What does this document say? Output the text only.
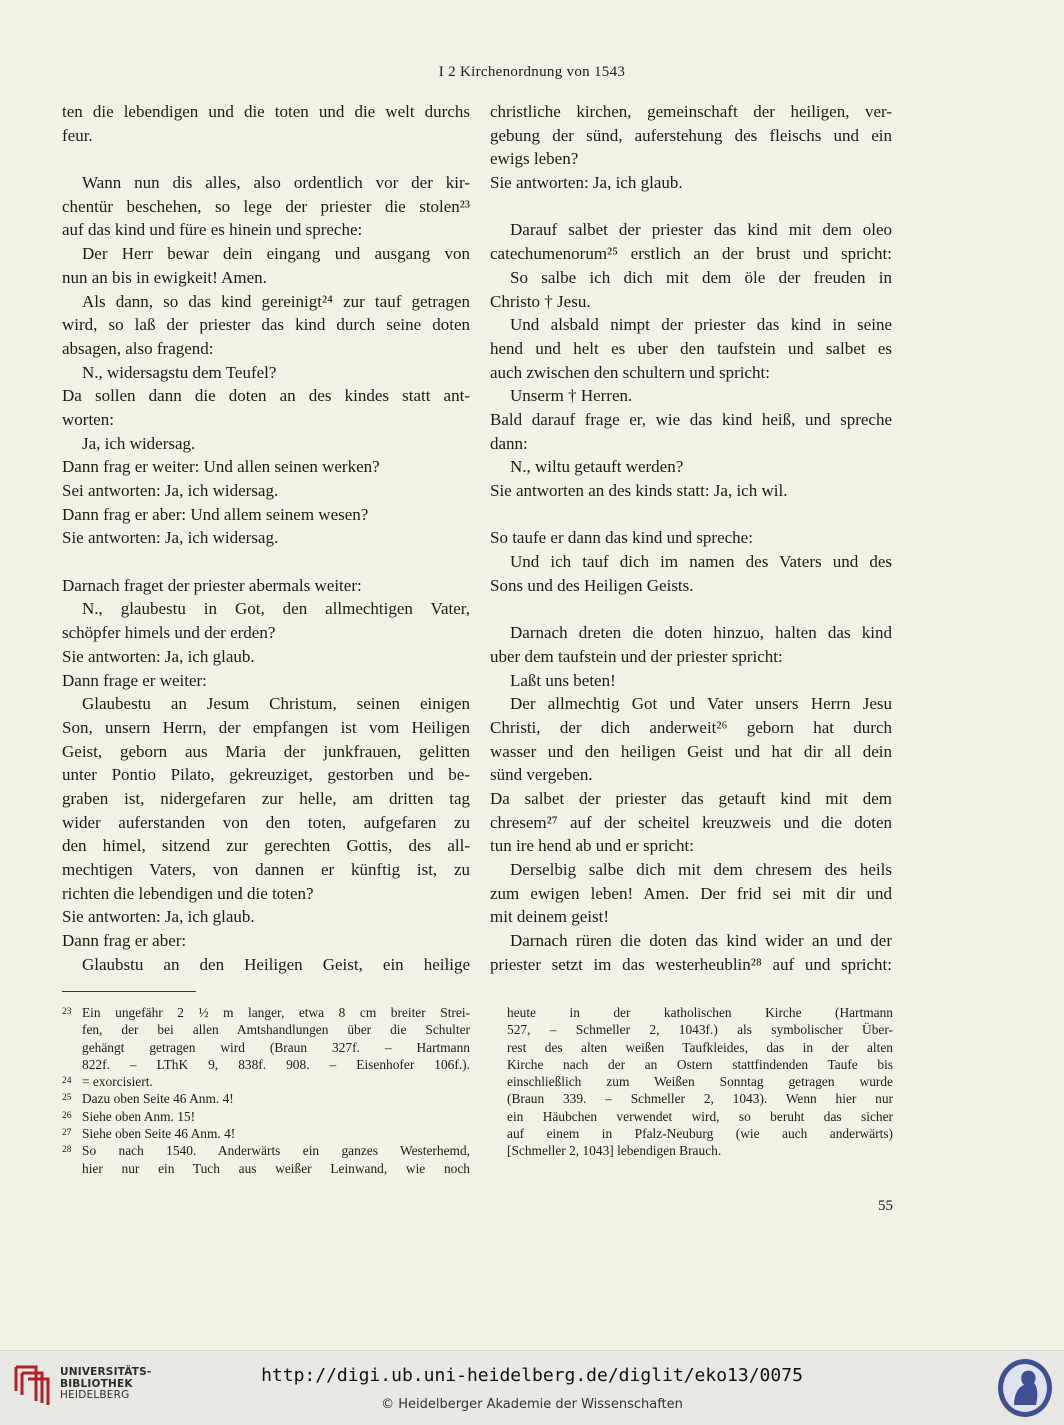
I 2 Kirchenordnung von 1543
ten die lebendigen und die toten und die welt durchs
feur.
Wann nun dis alles, also ordentlich vor der kir-
chentür beschehen, so lege der priester die stolen²³
auf das kind und füre es hinein und spreche:
Der Herr bewar dein eingang und ausgang von
nun an bis in ewigkeit! Amen.
Als dann, so das kind gereinigt²⁴ zur tauf getragen
wird, so laß der priester das kind durch seine doten
absagen, also fragend:
N., widersagstu dem Teufel?
Da sollen dann die doten an des kindes statt ant-
worten:
Ja, ich widersag.
Dann frag er weiter: Und allen seinen werken?
Sei antworten: Ja, ich widersag.
Dann frag er aber: Und allem seinem wesen?
Sie antworten: Ja, ich widersag.
Darnach fraget der priester abermals weiter:
N., glaubestu in Got, den allmechtigen Vater,
schöpfer himels und der erden?
Sie antworten: Ja, ich glaub.
Dann frage er weiter:
Glaubestu an Jesum Christum, seinen einigen
Son, unsern Herrn, der empfangen ist vom Heiligen
Geist, geborn aus Maria der junkfrauen, gelitten
unter Pontio Pilato, gekreuziget, gestorben und be-
graben ist, nidergefaren zur helle, am dritten tag
wider auferstanden von den toten, aufgefaren zu
den himel, sitzend zur gerechten Gottis, des all-
mechtigen Vaters, von dannen er künftig ist, zu
richten die lebendigen und die toten?
Sie antworten: Ja, ich glaub.
Dann frag er aber:
Glaubstu an den Heiligen Geist, ein heilige
christliche kirchen, gemeinschaft der heiligen, ver-
gebung der sünd, auferstehung des fleischs und ein
ewigs leben?
Sie antworten: Ja, ich glaub.
Darauf salbet der priester das kind mit dem oleo
catechumenorum²⁵ erstlich an der brust und spricht:
So salbe ich dich mit dem öle der freuden in
Christo † Jesu.
Und alsbald nimpt der priester das kind in seine
hend und helt es uber den taufstein und salbet es
auch zwischen den schultern und spricht:
Unserm † Herren.
Bald darauf frage er, wie das kind heiß, und spreche
dann:
N., wiltu getauft werden?
Sie antworten an des kinds statt: Ja, ich wil.
So taufe er dann das kind und spreche:
Und ich tauf dich im namen des Vaters und des
Sons und des Heiligen Geists.
Darnach dreten die doten hinzuo, halten das kind
uber dem taufstein und der priester spricht:
Laßt uns beten!
Der allmechtig Got und Vater unsers Herrn Jesu
Christi, der dich anderweit²⁶ geborn hat durch
wasser und den heiligen Geist und hat dir all dein
sünd vergeben.
Da salbet der priester das getauft kind mit dem
chresem²⁷ auf der scheitel kreuzweis und die doten
tun ire hend ab und er spricht:
Derselbig salbe dich mit dem chresem des heils
zum ewigen leben! Amen. Der frid sei mit dir und
mit deinem geist!
Darnach rüren die doten das kind wider an und der
priester setzt im das westerheublin²⁸ auf und spricht:
23 Ein ungefähr 2 ½ m langer, etwa 8 cm breiter Strei-
fen, der bei allen Amtshandlungen über die Schulter
gehängt getragen wird (Braun 327f. – Hartmann
822f. – LThK 9, 838f. 908. – Eisenhofer 106f.).
24 = exorcisiert.
25 Dazu oben Seite 46 Anm. 4!
26 Siehe oben Anm. 15!
27 Siehe oben Seite 46 Anm. 4!
28 So nach 1540. Anderwärts ein ganzes Westerhemd,
hier nur ein Tuch aus weißer Leinwand, wie noch
heute in der katholischen Kirche (Hartmann
527, – Schmeller 2, 1043f.) als symbolischer Über-
rest des alten weißen Taufkleides, das in der alten
Kirche nach der an Ostern stattfindenden Taufe bis
einschließlich zum Weißen Sonntag getragen wurde
(Braun 339. – Schmeller 2, 1043). Wenn hier nur
ein Häubchen verwendet wird, so beruht das sicher
auf einem in Pfalz-Neuburg (wie auch anderwärts)
[Schmeller 2, 1043] lebendigen Brauch.
55
UNIVERSITÄTS-
BIBLIOTHEK
HEIDELBERG
http://digi.ub.uni-heidelberg.de/diglit/eko13/0075
© Heidelberger Akademie der Wissenschaften
